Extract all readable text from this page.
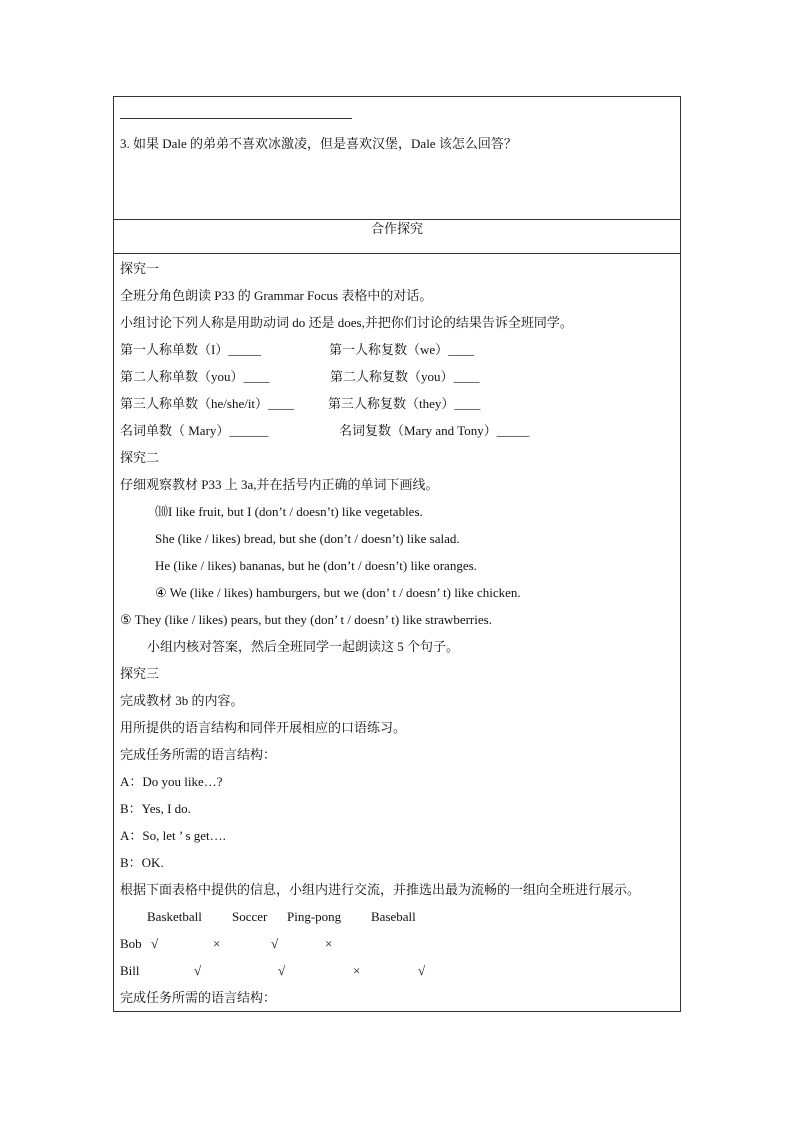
3. 如果 Dale 的弟弟不喜欢冰激凌，但是喜欢汉堡，Dale 该怎么回答？
合作探究
探究一
全班分角色朗读 P33 的 Grammar Focus 表格中的对话。
小组讨论下列人称是用助动词 do 还是 does,并把你们讨论的结果告诉全班同学。
第一人称单数（I）_____	第一人称复数（we）____
第二人称单数（you）____	第二人称复数（you）____
第三人称单数（he/she/it）____	第三人称复数（they）____
名词单数（ Mary）______	名词复数（Mary and Tony）_____
探究二
仔细观察教材 P33 上 3a,并在括号内正确的单词下画线。
⑽I like fruit, but I (don’t / doesn’t) like vegetables.
She (like / likes) bread, but she (don’t / doesn’t) like salad.
He (like / likes) bananas, but he (don’t / doesn’t) like oranges.
④ We (like / likes) hamburgers, but we (don’ t / doesn’ t) like chicken.
⑤ They (like / likes) pears, but they (don’ t / doesn’ t) like strawberries.
小组内核对答案，然后全班同学一起朗读这 5 个句子。
探究三
完成教材 3b 的内容。
用所提供的语言结构和同伴开展相应的口语练习。
完成任务所需的语言结构：
A：Do you like…?
B：Yes, I do.
A：So, let ’ s get….
B：OK.
根据下面表格中提供的信息，小组内进行交流，并推选出最为流畅的一组向全班进行展示。
Basketball Soccer Ping-pong Baseball
Bob √	×	√	×
Bill	√	√	×	√
完成任务所需的语言结构：
